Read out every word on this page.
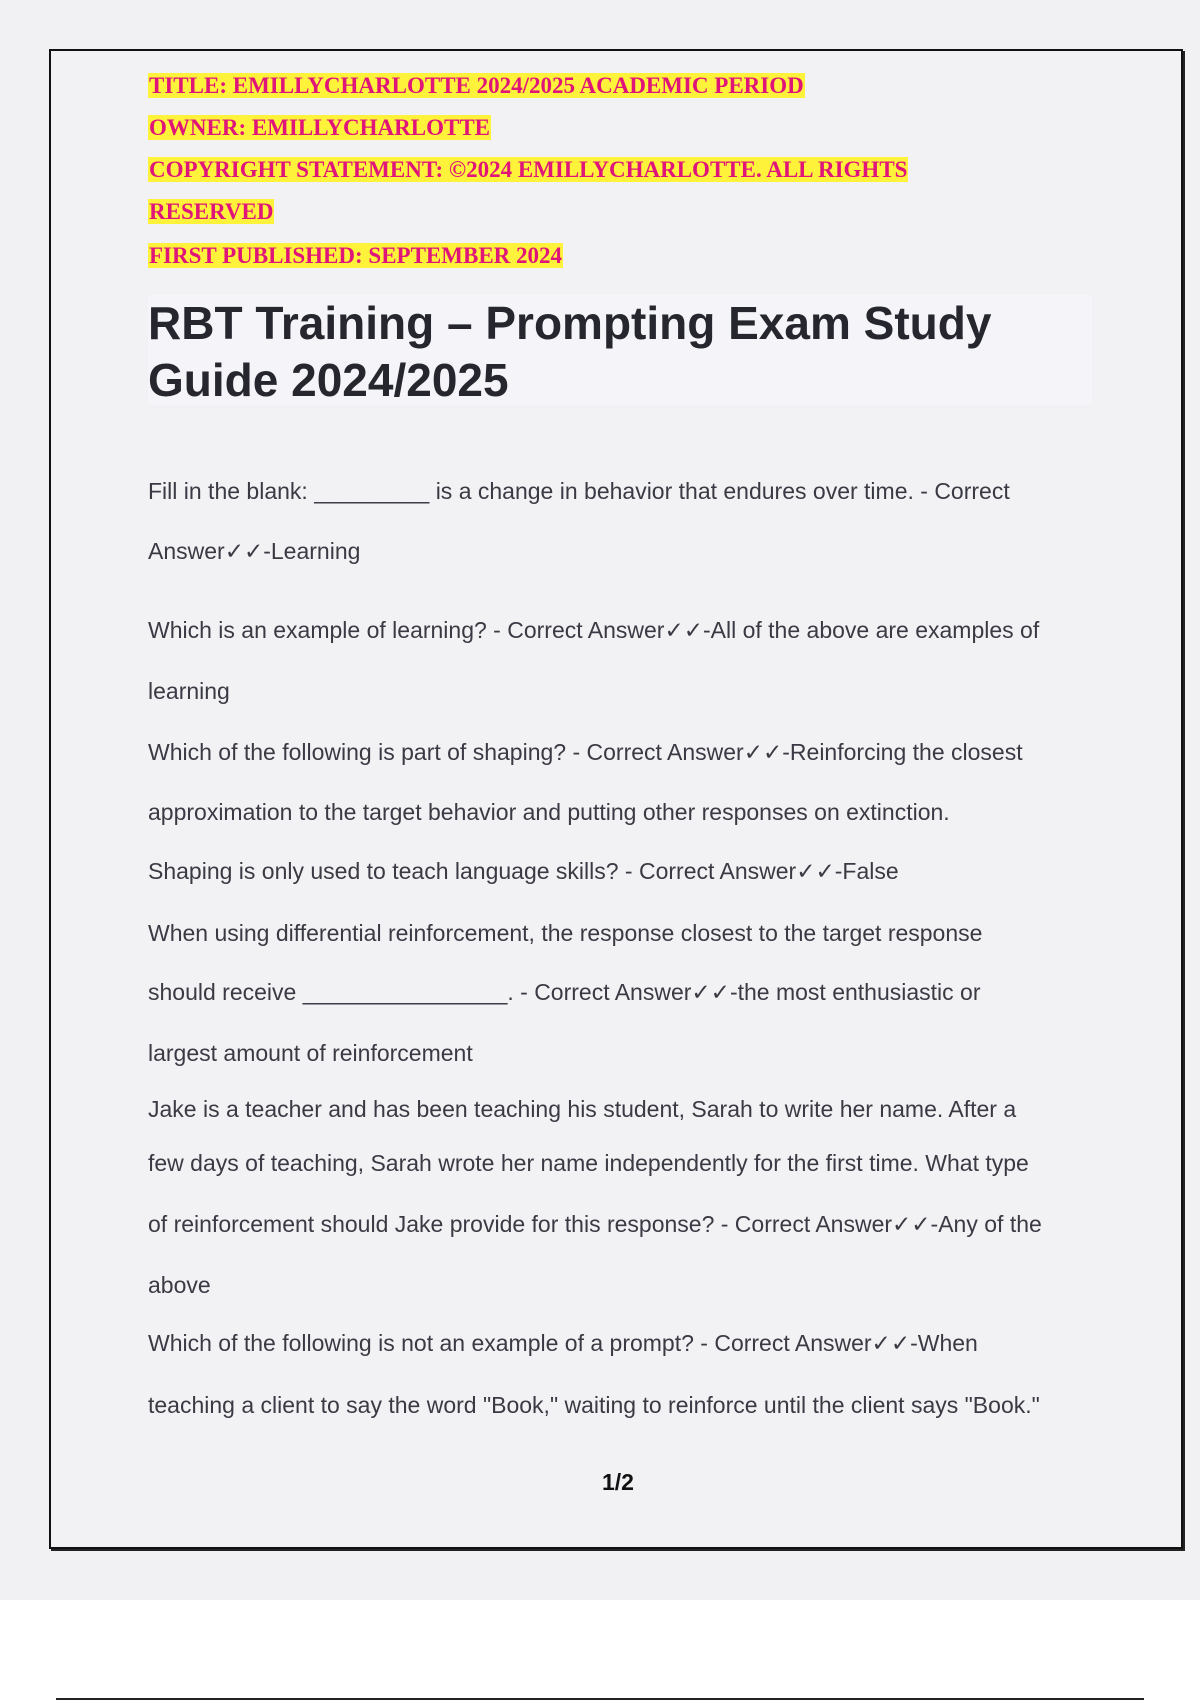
TITLE: EMILLYCHARLOTTE 2024/2025 ACADEMIC PERIOD
OWNER: EMILLYCHARLOTTE
COPYRIGHT STATEMENT: ©2024 EMILLYCHARLOTTE. ALL RIGHTS
RESERVED
FIRST PUBLISHED: SEPTEMBER 2024
RBT Training – Prompting Exam Study
Guide 2024/2025
Fill in the blank: _________ is a change in behavior that endures over time. - Correct
Answer✓✓-Learning
Which is an example of learning? - Correct Answer✓✓-All of the above are examples of
learning
Which of the following is part of shaping? - Correct Answer✓✓-Reinforcing the closest
approximation to the target behavior and putting other responses on extinction.
Shaping is only used to teach language skills? - Correct Answer✓✓-False
When using differential reinforcement, the response closest to the target response
should receive ________________. - Correct Answer✓✓-the most enthusiastic or
largest amount of reinforcement
Jake is a teacher and has been teaching his student, Sarah to write her name. After a
few days of teaching, Sarah wrote her name independently for the first time. What type
of reinforcement should Jake provide for this response? - Correct Answer✓✓-Any of the
above
Which of the following is not an example of a prompt? - Correct Answer✓✓-When
teaching a client to say the word "Book," waiting to reinforce until the client says "Book."
1/2
